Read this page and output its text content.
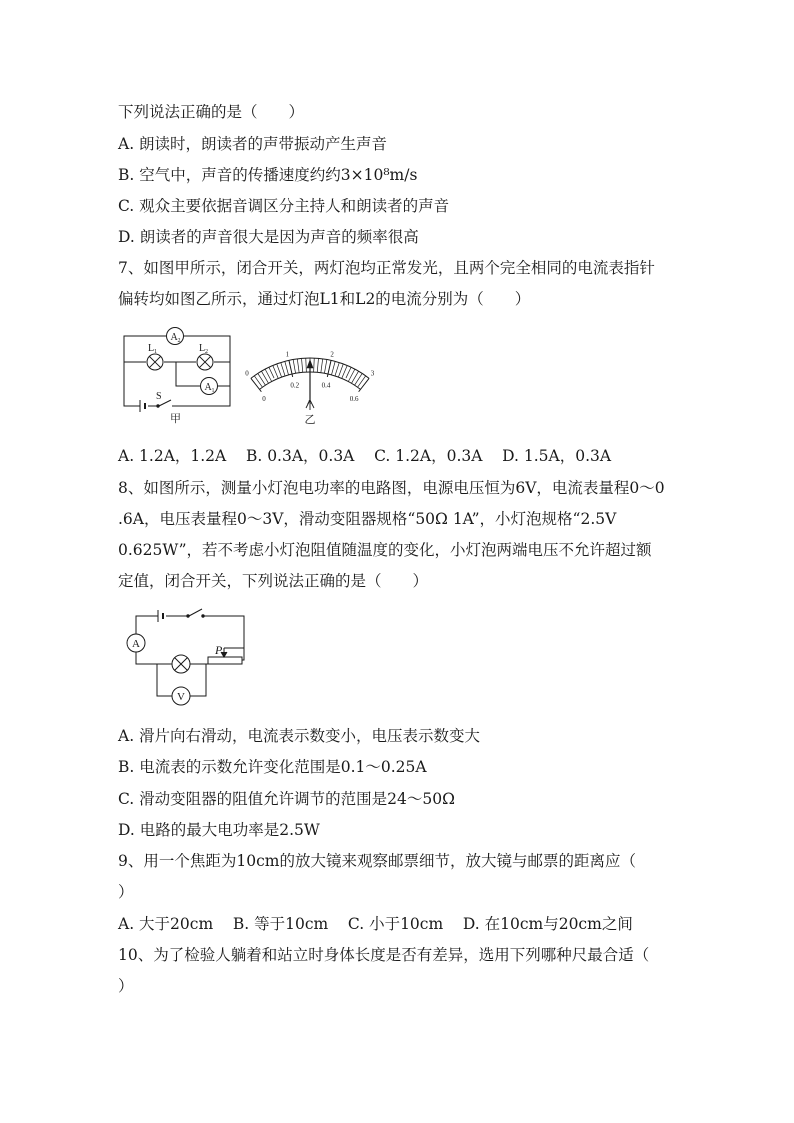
下列说法正确的是（　　）
A. 朗读时，朗读者的声带振动产生声音
B. 空气中，声音的传播速度约约3×10⁸m/s
C. 观众主要依据音调区分主持人和朗读者的声音
D. 朗读者的声音很大是因为声音的频率很高
7、如图甲所示，闭合开关，两灯泡均正常发光，且两个完全相同的电流表指针
偏转均如图乙所示，通过灯泡L1和L2的电流分别为（　　）
A 2
L 1	L 2
A 1
S
甲
0
1	2
3
0
0.2	0.4
0.6
A
乙
A. 1.2A，1.2A    B. 0.3A，0.3A    C. 1.2A，0.3A    D. 1.5A，0.3A
8、如图所示，测量小灯泡电功率的电路图，电源电压恒为6V，电流表量程0～0
.6A，电压表量程0～3V，滑动变阻器规格“50Ω 1A”，小灯泡规格“2.5V
0.625W”，若不考虑小灯泡阻值随温度的变化，小灯泡两端电压不允许超过额
定值，闭合开关，下列说法正确的是（　　）
A
V
P
A. 滑片向右滑动，电流表示数变小，电压表示数变大
B. 电流表的示数允许变化范围是0.1～0.25A
C. 滑动变阻器的阻值允许调节的范围是24～50Ω
D. 电路的最大电功率是2.5W
9、用一个焦距为10cm的放大镜来观察邮票细节，放大镜与邮票的距离应（
）
A. 大于20cm    B. 等于10cm    C. 小于10cm    D. 在10cm与20cm之间
10、为了检验人躺着和站立时身体长度是否有差异，选用下列哪种尺最合适（
）
